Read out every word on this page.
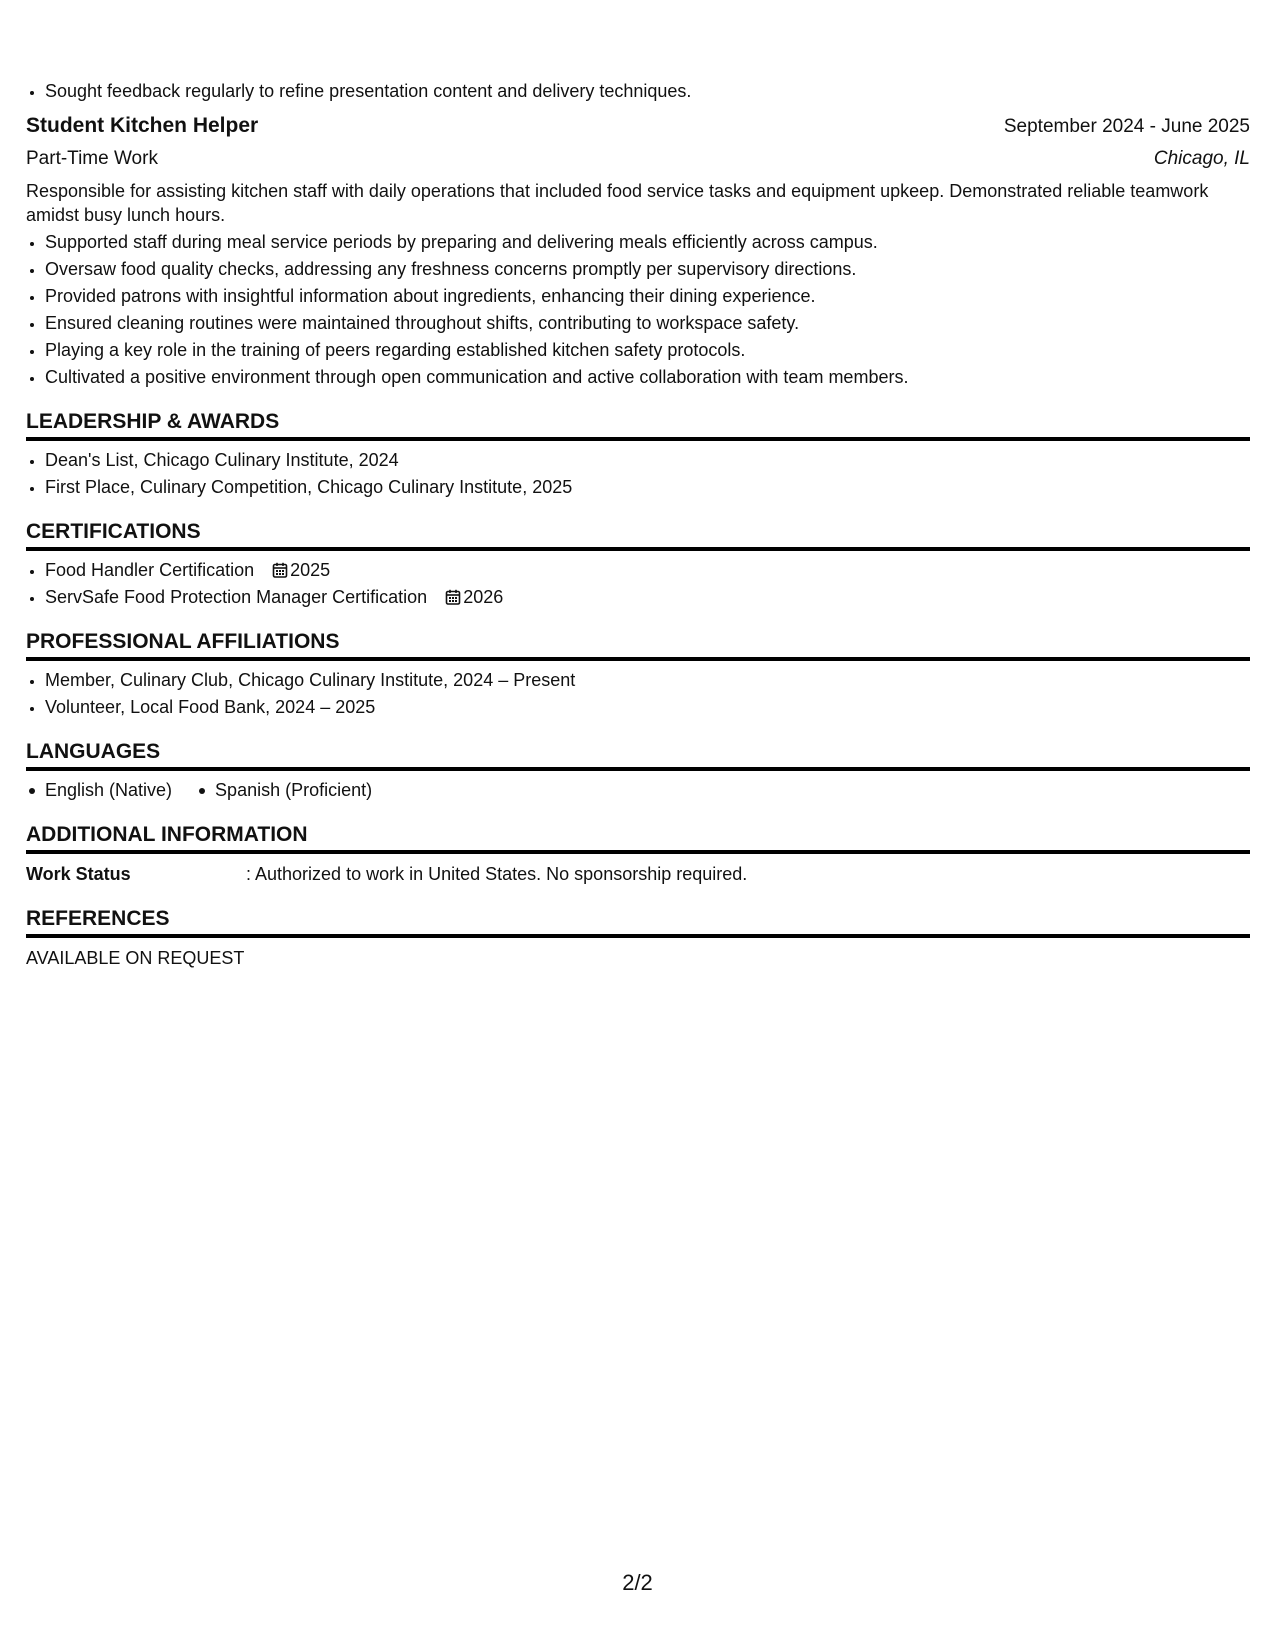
• Sought feedback regularly to refine presentation content and delivery techniques.
Student Kitchen Helper	September 2024 - June 2025
Part-Time Work	Chicago, IL
Responsible for assisting kitchen staff with daily operations that included food service tasks and equipment upkeep. Demonstrated reliable teamwork amidst busy lunch hours.
• Supported staff during meal service periods by preparing and delivering meals efficiently across campus.
• Oversaw food quality checks, addressing any freshness concerns promptly per supervisory directions.
• Provided patrons with insightful information about ingredients, enhancing their dining experience.
• Ensured cleaning routines were maintained throughout shifts, contributing to workspace safety.
• Playing a key role in the training of peers regarding established kitchen safety protocols.
• Cultivated a positive environment through open communication and active collaboration with team members.
LEADERSHIP & AWARDS
• Dean's List, Chicago Culinary Institute, 2024
• First Place, Culinary Competition, Chicago Culinary Institute, 2025
CERTIFICATIONS
• Food Handler Certification 2025
• ServSafe Food Protection Manager Certification 2026
PROFESSIONAL AFFILIATIONS
• Member, Culinary Club, Chicago Culinary Institute, 2024 – Present
• Volunteer, Local Food Bank, 2024 – 2025
LANGUAGES
English (Native)	Spanish (Proficient)
ADDITIONAL INFORMATION
Work Status	: Authorized to work in United States. No sponsorship required.
REFERENCES
AVAILABLE ON REQUEST
2/2
